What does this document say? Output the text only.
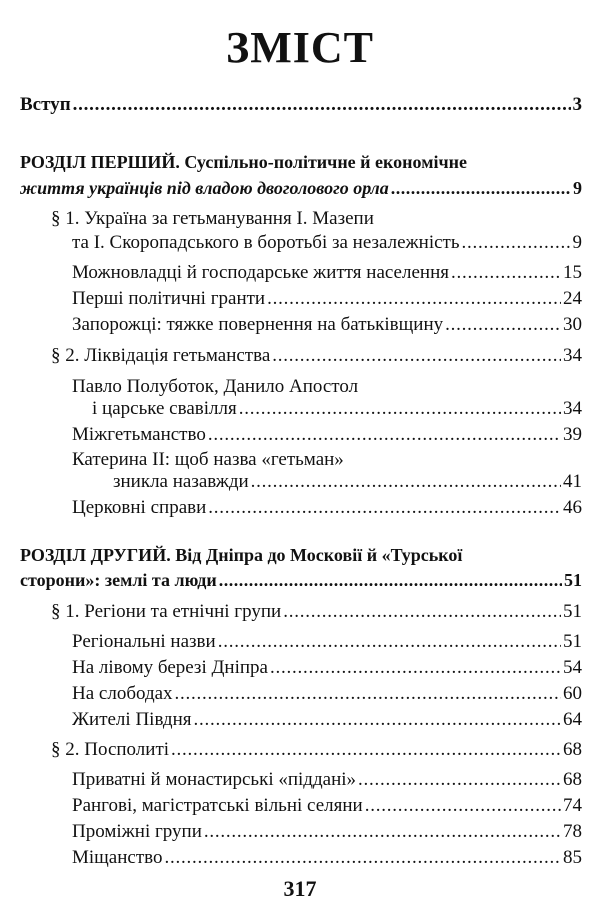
ЗМІСТ
Вступ . . .	3
РОЗДІЛ ПЕРШИЙ. Суспільно-політичне й економічне
життя українців під владою двоголового орла . . .	9
§ 1. Україна за гетьманування І. Мазепи
та І. Скоропадського в боротьбі за незалежність . . .	9
Можновладці й господарське життя населення . . .	15
Перші політичні гранти . . .	24
Запорожці: тяжке повернення на батьківщину . . .	30
§ 2. Ліквідація гетьманства . . .	34
Павло Полуботок, Данило Апостол
і царське свавілля . . .	34
Міжгетьманство . . .	39
Катерина ІІ: щоб назва «гетьман»
зникла назавжди . . .	41
Церковні справи . . .	46
РОЗДІЛ ДРУГИЙ. Від Дніпра до Московії й «Турської
сторони»: землі та люди . . .	51
§ 1. Регіони та етнічні групи . . .	51
Регіональні назви . . .	51
На лівому березі Дніпра . . .	54
На слободах . . .	60
Жителі Півдня . . .	64
§ 2. Посполиті . . .	68
Приватні й монастирські «піддані» . . .	68
Рангові, магістратські вільні селяни . . .	74
Проміжні групи . . .	78
Міщанство . . .	85
317
